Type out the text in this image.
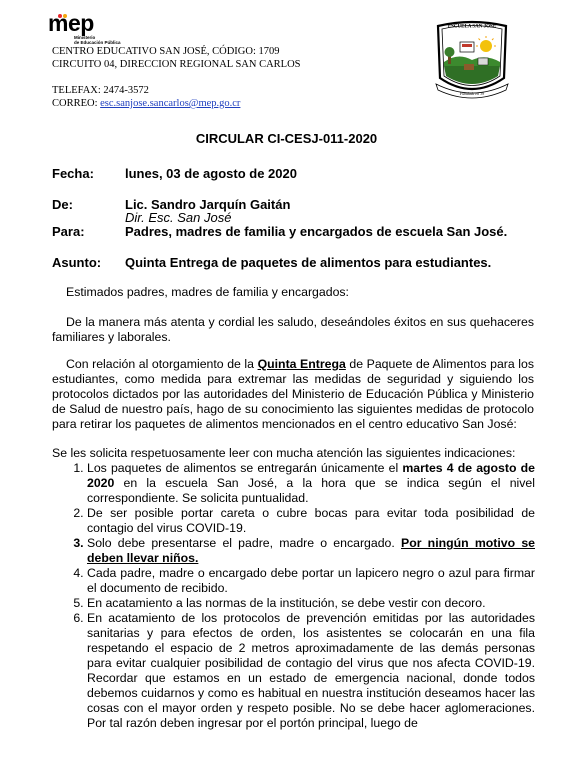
mep
Ministerio
de Educación Pública
CENTRO EDUCATIVO SAN JOSÉ, CÓDIGO: 1709
CIRCUITO 04, DIRECCION REGIONAL SAN CARLOS
TELEFAX: 2474-3572
CORREO: esc.sanjose.sancarlos@mep.go.cr
ESCUELA SAN JOSÉ
Fundada en 19
CIRCULAR CI-CESJ-011-2020
Fecha: lunes, 03 de agosto de 2020
De:	Lic. Sandro Jarquín Gaitán
Dir. Esc. San José
Para:	Padres, madres de familia y encargados de escuela San José.
Asunto: Quinta Entrega de paquetes de alimentos para estudiantes.
Estimados padres, madres de familia y encargados:
De la manera más atenta y cordial les saludo, deseándoles éxitos en sus quehaceres familiares y laborales.
Con relación al otorgamiento de la Quinta Entrega de Paquete de Alimentos para los estudiantes, como medida para extremar las medidas de seguridad y siguiendo los protocolos dictados por las autoridades del Ministerio de Educación Pública y Ministerio de Salud de nuestro país, hago de su conocimiento las siguientes medidas de protocolo para retirar los paquetes de alimentos mencionados en el centro educativo San José:
Se les solicita respetuosamente leer con mucha atención las siguientes indicaciones:
1. Los paquetes de alimentos se entregarán únicamente el martes 4 de agosto de 2020 en la escuela San José, a la hora que se indica según el nivel correspondiente. Se solicita puntualidad.
2. De ser posible portar careta o cubre bocas para evitar toda posibilidad de contagio del virus COVID-19.
3. Solo debe presentarse el padre, madre o encargado. Por ningún motivo se deben llevar niños.
4. Cada padre, madre o encargado debe portar un lapicero negro o azul para firmar el documento de recibido.
5. En acatamiento a las normas de la institución, se debe vestir con decoro.
6. En acatamiento de los protocolos de prevención emitidas por las autoridades sanitarias y para efectos de orden, los asistentes se colocarán en una fila respetando el espacio de 2 metros aproximadamente de las demás personas para evitar cualquier posibilidad de contagio del virus que nos afecta COVID-19. Recordar que estamos en un estado de emergencia nacional, donde todos debemos cuidarnos y como es habitual en nuestra institución deseamos hacer las cosas con el mayor orden y respeto posible. No se debe hacer aglomeraciones. Por tal razón deben ingresar por el portón principal, luego de
